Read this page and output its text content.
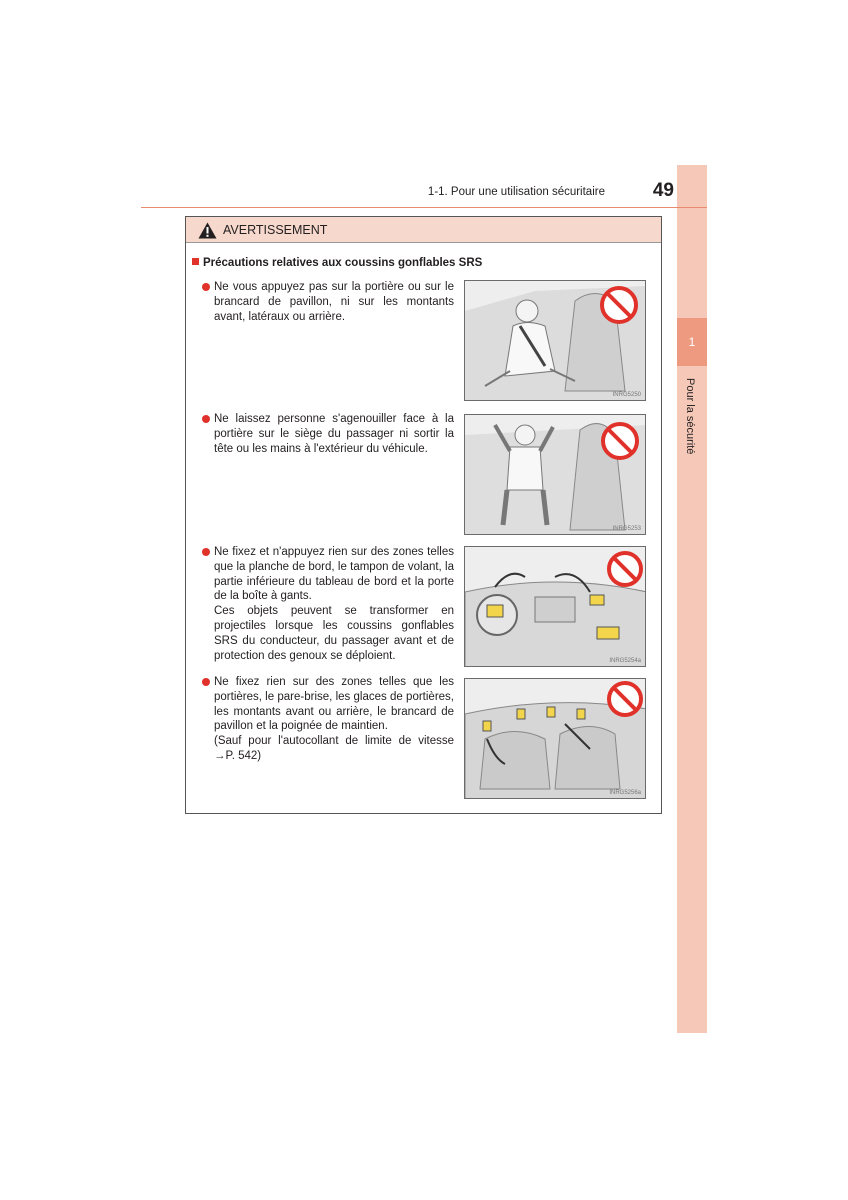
1
Pour la sécurité
1-1. Pour une utilisation sécuritaire	49
AVERTISSEMENT
Précautions relatives aux coussins gonflables SRS
Ne vous appuyez pas sur la portière ou sur le brancard de pavillon, ni sur les montants avant, latéraux ou arrière.
INRG5250
Ne laissez personne s'agenouiller face à la portière sur le siège du passager ni sortir la tête ou les mains à l'extérieur du véhicule.
INRG5253
Ne fixez et n'appuyez rien sur des zones telles que la planche de bord, le tampon de volant, la partie inférieure du tableau de bord et la porte de la boîte à gants.
Ces objets peuvent se transformer en projectiles lorsque les coussins gonflables SRS du conducteur, du passager avant et de protection des genoux se déploient.	INRG5254a
Ne fixez rien sur des zones telles que les portières, le pare-brise, les glaces de portières, les montants avant ou arrière, le brancard de pavillon et la poignée de maintien.
(Sauf pour l'autocollant de limite de vitesse →P. 542)
INRG5256a
